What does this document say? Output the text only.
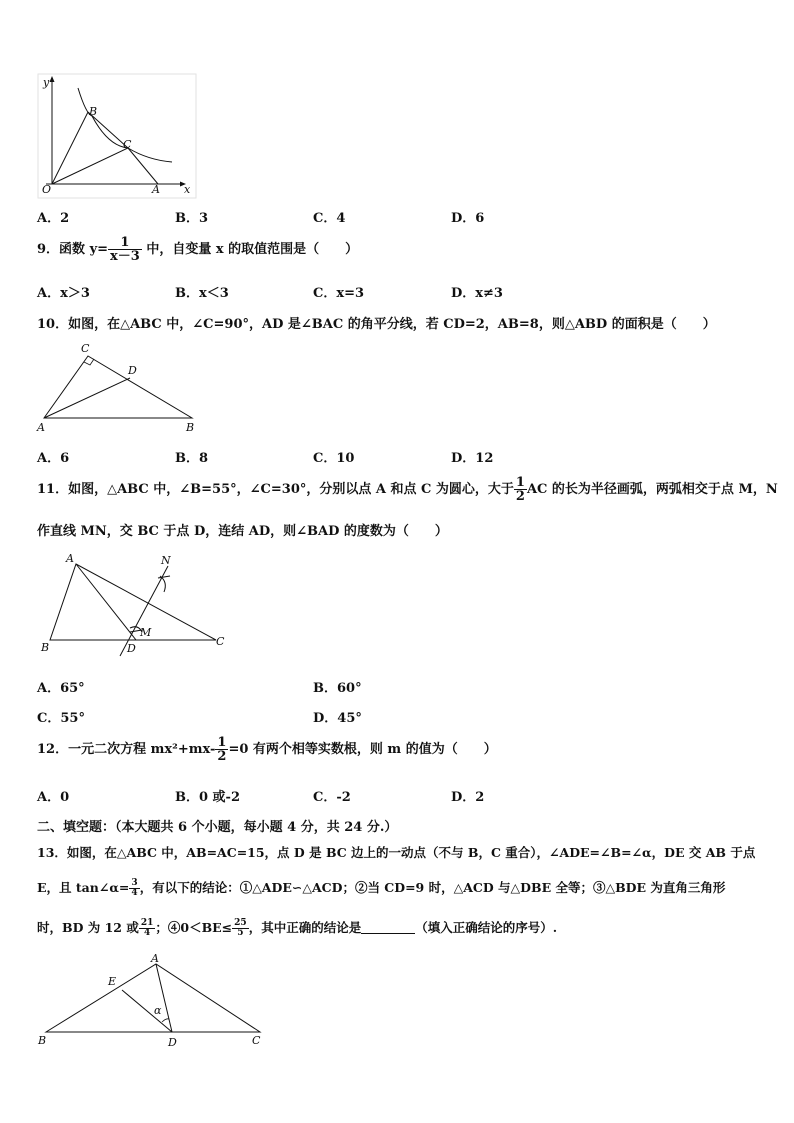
y
x
O
B
C
A
A．2	B．3	C．4	D．6
9．函数 $y= \frac{1}{x-3}$ 中，自变量 x 的取值范围是（　　）
A．x＞3	B．x＜3	C．x=3	D．x≠3
10．如图，在△ABC 中，∠C=90°，AD 是∠BAC 的角平分线，若 CD=2，AB=8，则△ABD 的面积是（　　）
C
D
A	B
A．6	B．8	C．10	D．12
11．如图，△ABC 中，∠B=55°，∠C=30°，分别以点 A 和点 C 为圆心，大于 $\frac{1}{2}$ AC 的长为半径画弧，两弧相交于点 M，N
作直线 MN，交 BC 于点 D，连结 AD，则∠BAD 的度数为（　　）
A	N
M
B	D
C
A．65°	B．60°
C．55°	D．45°
12．一元二次方程 $mx^2+mx- \frac{1}{2} =0$ 有两个相等实数根，则 m 的值为（　　）
A．0	B．0 或-2	C．-2	D．2
二、填空题：（本大题共 6 个小题，每小题 4 分，共 24 分.）
13．如图，在△ABC 中，AB=AC=15，点 D 是 BC 边上的一动点（不与 B，C 重合），∠ADE=∠B=∠α，DE 交 AB 于点
E，且 tan∠α= $\frac{3}{4}$ ，有以下的结论：①△ADE∽△ACD；②当 CD=9 时，△ACD 与△DBE 全等；③△BDE 为直角三角形
时，BD 为 12 或 $\frac{21}{4}$ ；④0＜BE≤ $\frac{25}{5}$ ，其中正确的结论是	（填入正确结论的序号）.
E
A
α
B	D	C
